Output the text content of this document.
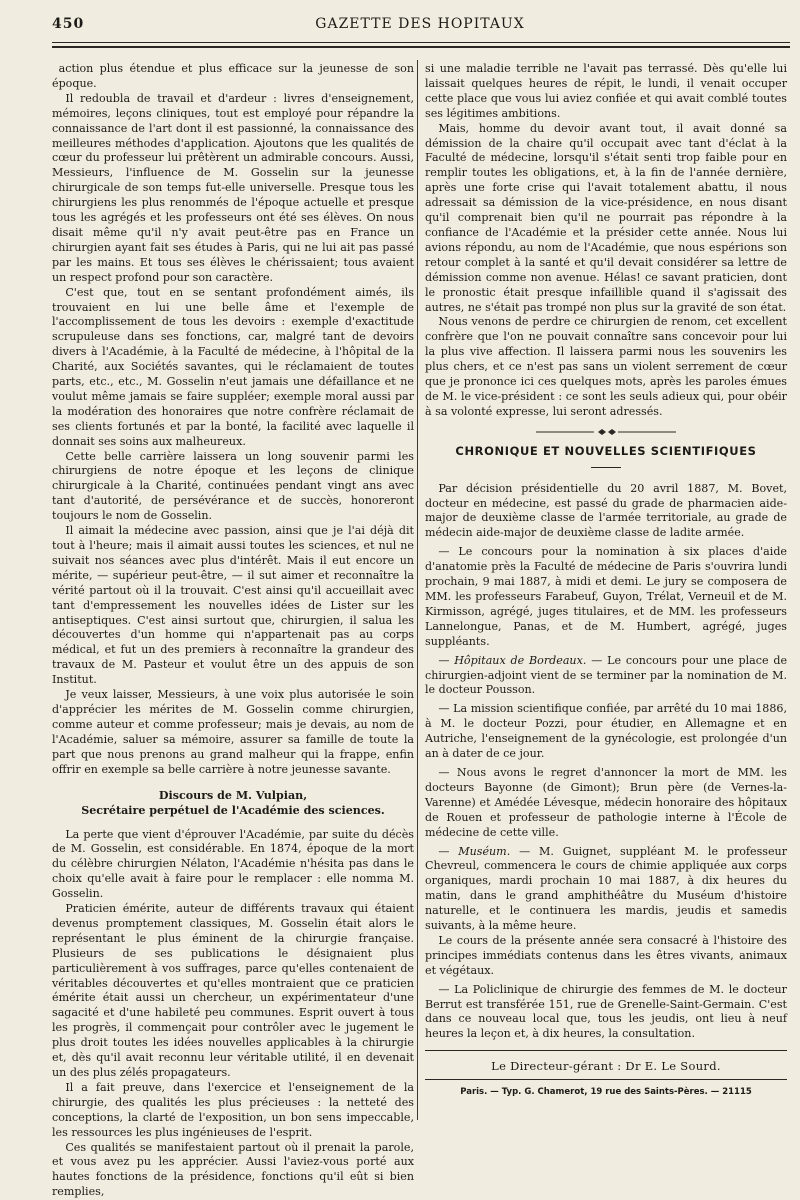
450	GAZETTE DES HOPITAUX

action plus étendue et plus efficace sur la jeunesse de son époque.

Il redoubla de travail et d'ardeur : livres d'enseignement, mémoires, leçons cliniques, tout est employé pour répandre la connaissance de l'art dont il est passionné, la connaissance des meilleures méthodes d'application. Ajoutons que les qualités de cœur du professeur lui prêtèrent un admirable concours. Aussi, Messieurs, l'influence de M. Gosselin sur la jeunesse chirurgicale de son temps fut-elle universelle. Presque tous les chirurgiens les plus renommés de l'époque actuelle et presque tous les agrégés et les professeurs ont été ses élèves. On nous disait même qu'il n'y avait peut-être pas en France un chirurgien ayant fait ses études à Paris, qui ne lui ait pas passé par les mains. Et tous ses élèves le chérissaient; tous avaient un respect profond pour son caractère.

C'est que, tout en se sentant profondément aimés, ils trouvaient en lui une belle âme et l'exemple de l'accomplissement de tous les devoirs : exemple d'exactitude scrupuleuse dans ses fonctions, car, malgré tant de devoirs divers à l'Académie, à la Faculté de médecine, à l'hôpital de la Charité, aux Sociétés savantes, qui le réclamaient de toutes parts, etc., etc., M. Gosselin n'eut jamais une défaillance et ne voulut même jamais se faire suppléer; exemple moral aussi par la modération des honoraires que notre confrère réclamait de ses clients fortunés et par la bonté, la facilité avec laquelle il donnait ses soins aux malheureux.

Cette belle carrière laissera un long souvenir parmi les chirurgiens de notre époque et les leçons de clinique chirurgicale à la Charité, continuées pendant vingt ans avec tant d'autorité, de persévérance et de succès, honoreront toujours le nom de Gosselin.

Il aimait la médecine avec passion, ainsi que je l'ai déjà dit tout à l'heure; mais il aimait aussi toutes les sciences, et nul ne suivait nos séances avec plus d'intérêt. Mais il eut encore un mérite, — supérieur peut-être, — il sut aimer et reconnaître la vérité partout où il la trouvait. C'est ainsi qu'il accueillait avec tant d'empressement les nouvelles idées de Lister sur les antiseptiques. C'est ainsi surtout que, chirurgien, il salua les découvertes d'un homme qui n'appartenait pas au corps médical, et fut un des premiers à reconnaître la grandeur des travaux de M. Pasteur et voulut être un des appuis de son Institut.

Je veux laisser, Messieurs, à une voix plus autorisée le soin d'apprécier les mérites de M. Gosselin comme chirurgien, comme auteur et comme professeur; mais je devais, au nom de l'Académie, saluer sa mémoire, assurer sa famille de toute la part que nous prenons au grand malheur qui la frappe, enfin offrir en exemple sa belle carrière à notre jeunesse savante.

Discours de M. Vulpian,
Secrétaire perpétuel de l'Académie des sciences.

La perte que vient d'éprouver l'Académie, par suite du décès de M. Gosselin, est considérable. En 1874, époque de la mort du célèbre chirurgien Nélaton, l'Académie n'hésita pas dans le choix qu'elle avait à faire pour le remplacer : elle nomma M. Gosselin.

Praticien émérite, auteur de différents travaux qui étaient devenus promptement classiques, M. Gosselin était alors le représentant le plus éminent de la chirurgie française. Plusieurs de ses publications le désignaient plus particulièrement à vos suffrages, parce qu'elles contenaient de véritables découvertes et qu'elles montraient que ce praticien émérite était aussi un chercheur, un expérimentateur d'une sagacité et d'une habileté peu communes. Esprit ouvert à tous les progrès, il commençait pour contrôler avec le jugement le plus droit toutes les idées nouvelles applicables à la chirurgie et, dès qu'il avait reconnu leur véritable utilité, il en devenait un des plus zélés propagateurs.

Il a fait preuve, dans l'exercice et l'enseignement de la chirurgie, des qualités les plus précieuses : la netteté des conceptions, la clarté de l'exposition, un bon sens impeccable, les ressources les plus ingénieuses de l'esprit.

Ces qualités se manifestaient partout où il prenait la parole, et vous avez pu les apprécier. Aussi l'aviez-vous porté aux hautes fonctions de la présidence, fonctions qu'il eût si bien remplies,

si une maladie terrible ne l'avait pas terrassé. Dès qu'elle lui laissait quelques heures de répit, le lundi, il venait occuper cette place que vous lui aviez confiée et qui avait comblé toutes ses légitimes ambitions.

Mais, homme du devoir avant tout, il avait donné sa démission de la chaire qu'il occupait avec tant d'éclat à la Faculté de médecine, lorsqu'il s'était senti trop faible pour en remplir toutes les obligations, et, à la fin de l'année dernière, après une forte crise qui l'avait totalement abattu, il nous adressait sa démission de la vice-présidence, en nous disant qu'il comprenait bien qu'il ne pourrait pas répondre à la confiance de l'Académie et la présider cette année. Nous lui avions répondu, au nom de l'Académie, que nous espérions son retour complet à la santé et qu'il devait considérer sa lettre de démission comme non avenue. Hélas! ce savant praticien, dont le pronostic était presque infaillible quand il s'agissait des autres, ne s'était pas trompé non plus sur la gravité de son état.

Nous venons de perdre ce chirurgien de renom, cet excellent confrère que l'on ne pouvait connaître sans concevoir pour lui la plus vive affection. Il laissera parmi nous les souvenirs les plus chers, et ce n'est pas sans un violent serrement de cœur que je prononce ici ces quelques mots, après les paroles émues de M. le vice-président : ce sont les seuls adieux qui, pour obéir à sa volonté expresse, lui seront adressés.

CHRONIQUE ET NOUVELLES SCIENTIFIQUES

Par décision présidentielle du 20 avril 1887, M. Bovet, docteur en médecine, est passé du grade de pharmacien aide-major de deuxième classe de l'armée territoriale, au grade de médecin aide-major de deuxième classe de ladite armée.

— Le concours pour la nomination à six places d'aide d'anatomie près la Faculté de médecine de Paris s'ouvrira lundi prochain, 9 mai 1887, à midi et demi. Le jury se composera de MM. les professeurs Farabeuf, Guyon, Trélat, Verneuil et de M. Kirmisson, agrégé, juges titulaires, et de MM. les professeurs Lannelongue, Panas, et de M. Humbert, agrégé, juges suppléants.

— Hôpitaux de Bordeaux. — Le concours pour une place de chirurgien-adjoint vient de se terminer par la nomination de M. le docteur Pousson.

— La mission scientifique confiée, par arrêté du 10 mai 1886, à M. le docteur Pozzi, pour étudier, en Allemagne et en Autriche, l'enseignement de la gynécologie, est prolongée d'un an à dater de ce jour.

— Nous avons le regret d'annoncer la mort de MM. les docteurs Bayonne (de Gimont); Brun père (de Vernes-la-Varenne) et Amédée Lévesque, médecin honoraire des hôpitaux de Rouen et professeur de pathologie interne à l'École de médecine de cette ville.

— Muséum. — M. Guignet, suppléant M. le professeur Chevreul, commencera le cours de chimie appliquée aux corps organiques, mardi prochain 10 mai 1887, à dix heures du matin, dans le grand amphithéâtre du Muséum d'histoire naturelle, et le continuera les mardis, jeudis et samedis suivants, à la même heure.

Le cours de la présente année sera consacré à l'histoire des principes immédiats contenus dans les êtres vivants, animaux et végétaux.

— La Policlinique de chirurgie des femmes de M. le docteur Berrut est transférée 151, rue de Grenelle-Saint-Germain. C'est dans ce nouveau local que, tous les jeudis, ont lieu à neuf heures la leçon et, à dix heures, la consultation.

Le Directeur-gérant : Dr E. Le Sourd.
Paris. — Typ. G. Chamerot, 19 rue des Saints-Pères. — 21115
